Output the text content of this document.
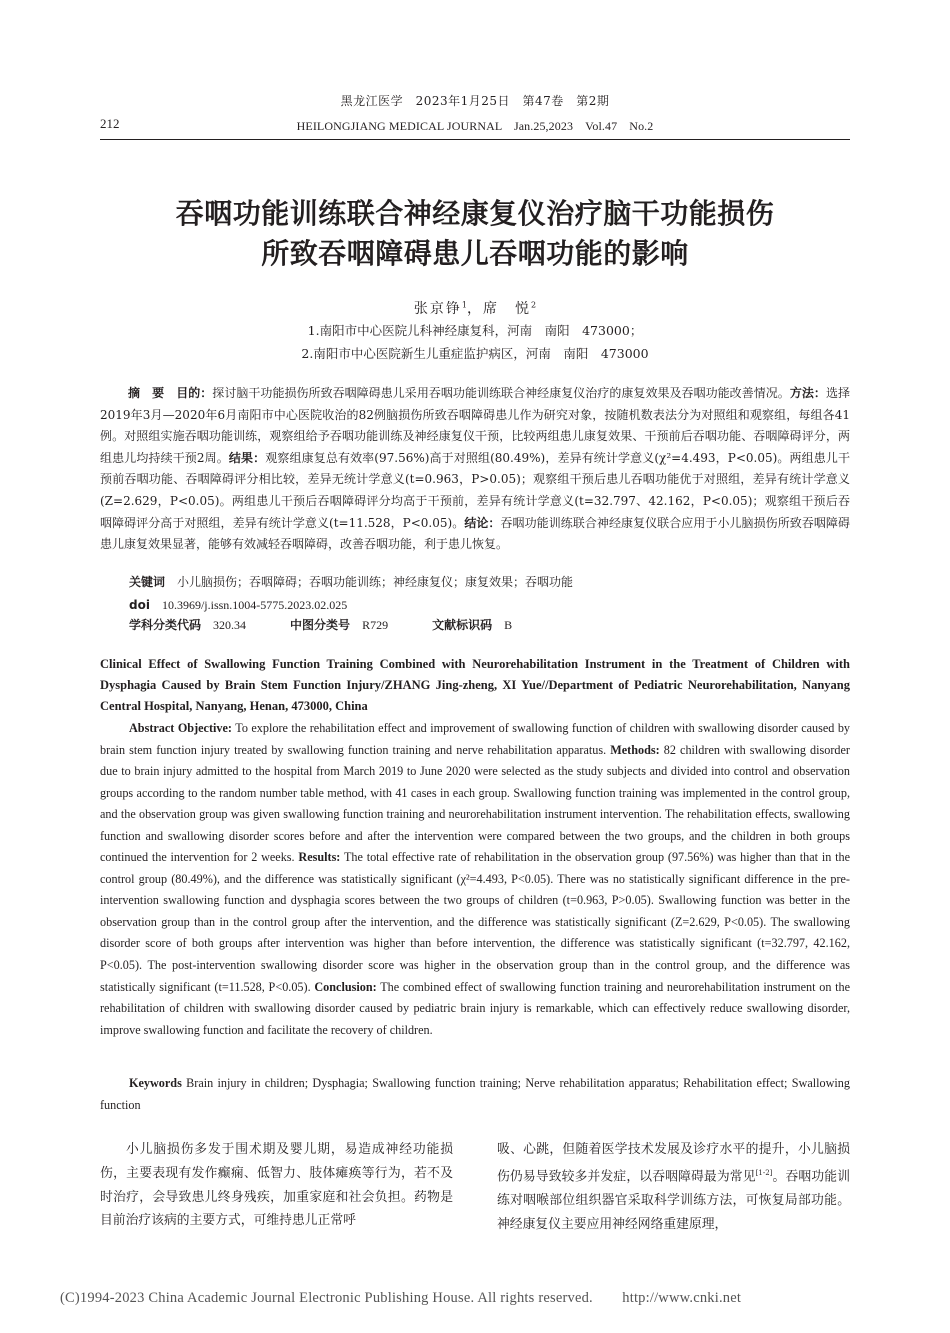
黑龙江医学　2023年1月25日　第47卷　第2期
212	HEILONGJIANG MEDICAL JOURNAL　Jan.25,2023　Vol.47　No.2
吞咽功能训练联合神经康复仪治疗脑干功能损伤
所致吞咽障碍患儿吞咽功能的影响
张京铮$^1$，席　悦$^2$
1.南阳市中心医院儿科神经康复科，河南　南阳　473000；
2.南阳市中心医院新生儿重症监护病区，河南　南阳　473000
摘　要　 目的：探讨脑干功能损伤所致吞咽障碍患儿采用吞咽功能训练联合神经康复仪治疗的康复效果及吞咽功能改善情况。方法：选择2019年3月—2020年6月南阳市中心医院收治的82例脑损伤所致吞咽障碍患儿作为研究对象，按随机数表法分为对照组和观察组，每组各41例。对照组实施吞咽功能训练，观察组给予吞咽功能训练及神经康复仪干预，比较两组患儿康复效果、干预前后吞咽功能、吞咽障碍评分，两组患儿均持续干预2周。结果：观察组康复总有效率(97.56%)高于对照组(80.49%)，差异有统计学意义(χ²=4.493，P<0.05)。两组患儿干预前吞咽功能、吞咽障碍评分相比较，差异无统计学意义(t=0.963，P>0.05)；观察组干预后患儿吞咽功能优于对照组，差异有统计学意义(Z=2.629，P<0.05)。两组患儿干预后吞咽障碍评分均高于干预前，差异有统计学意义(t=32.797、42.162，P<0.05)；观察组干预后吞咽障碍评分高于对照组，差异有统计学意义(t=11.528，P<0.05)。结论：吞咽功能训练联合神经康复仪联合应用于小儿脑损伤所致吞咽障碍患儿康复效果显著，能够有效减轻吞咽障碍，改善吞咽功能，利于患儿恢复。
关键词　 小儿脑损伤；吞咽障碍；吞咽功能训练；神经康复仪；康复效果；吞咽功能
doi　 10.3969/j.issn.1004-5775.2023.02.025
学科分类代码　 320.34	中图分类号　 R729	文献标识码　 B
Clinical Effect of Swallowing Function Training Combined with Neurorehabilitation Instrument in the Treatment of Children with Dysphagia Caused by Brain Stem Function Injury/ZHANG Jing-zheng, XI Yue//Department of Pediatric Neurorehabilitation, Nanyang Central Hospital, Nanyang, Henan, 473000, China
Abstract Objective: To explore the rehabilitation effect and improvement of swallowing function of children with swallowing disorder caused by brain stem function injury treated by swallowing function training and nerve rehabilitation apparatus. Methods: 82 children with swallowing disorder due to brain injury admitted to the hospital from March 2019 to June 2020 were selected as the study subjects and divided into control and observation groups according to the random number table method, with 41 cases in each group. Swallowing function training was implemented in the control group, and the observation group was given swallowing function training and neurorehabilitation instrument intervention. The rehabilitation effects, swallowing function and swallowing disorder scores before and after the intervention were compared between the two groups, and the children in both groups continued the intervention for 2 weeks. Results: The total effective rate of rehabilitation in the observation group (97.56%) was higher than that in the control group (80.49%), and the difference was statistically significant (χ²=4.493, P<0.05). There was no statistically significant difference in the pre-intervention swallowing function and dysphagia scores between the two groups of children (t=0.963, P>0.05). Swallowing function was better in the observation group than in the control group after the intervention, and the difference was statistically significant (Z=2.629, P<0.05). The swallowing disorder score of both groups after intervention was higher than before intervention, the difference was statistically significant (t=32.797, 42.162, P<0.05). The post-intervention swallowing disorder score was higher in the observation group than in the control group, and the difference was statistically significant (t=11.528, P<0.05). Conclusion: The combined effect of swallowing function training and neurorehabilitation instrument on the rehabilitation of children with swallowing disorder caused by pediatric brain injury is remarkable, which can effectively reduce swallowing disorder, improve swallowing function and facilitate the recovery of children.
Keywords Brain injury in children; Dysphagia; Swallowing function training; Nerve rehabilitation apparatus; Rehabilitation effect; Swallowing function
小儿脑损伤多发于围术期及婴儿期，易造成神经功能损伤，主要表现有发作癫痫、低智力、肢体瘫痪等行为，若不及时治疗，会导致患儿终身残疾，加重家庭和社会负担。药物是目前治疗该病的主要方式，可维持患儿正常呼
吸、心跳，但随着医学技术发展及诊疗水平的提升，小儿脑损伤仍易导致较多并发症，以吞咽障碍最为常见[1-2]。吞咽功能训练对咽喉部位组织器官采取科学训练方法，可恢复局部功能。神经康复仪主要应用神经网络重建原理，
(C)1994-2023 China Academic Journal Electronic Publishing House. All rights reserved.　　http://www.cnki.net
